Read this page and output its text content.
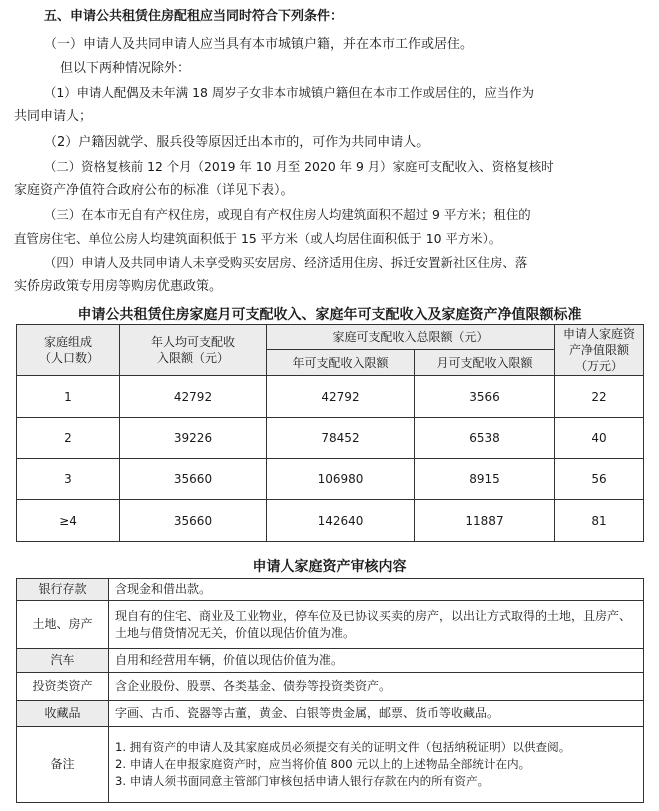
五、申请公共租赁住房配租应当同时符合下列条件：
（一）申请人及共同申请人应当具有本市城镇户籍，并在本市工作或居住。
但以下两种情况除外：
（1）申请人配偶及未年满 18 周岁子女非本市城镇户籍但在本市工作或居住的，应当作为
共同申请人；
（2）户籍因就学、服兵役等原因迁出本市的，可作为共同申请人。
（二）资格复核前 12 个月（2019 年 10 月至 2020 年 9 月）家庭可支配收入、资格复核时
家庭资产净值符合政府公布的标准（详见下表）。
（三）在本市无自有产权住房，或现自有产权住房人均建筑面积不超过 9 平方米；租住的
直管房住宅、单位公房人均建筑面积低于 15 平方米（或人均居住面积低于 10 平方米）。
（四）申请人及共同申请人未享受购买安居房、经济适用住房、拆迁安置新社区住房、落
实侨房政策专用房等购房优惠政策。
申请公共租赁住房家庭月可支配收入、家庭年可支配收入及家庭资产净值限额标准
家庭组成（人口数）	年人均可支配收入限额（元）	家庭可支配收入总限额（元）		申请人家庭资产净值限额（万元）
		年可支配收入限额	月可支配收入限额	
1	42792	42792	3566	22
2	39226	78452	6538	40
3	35660	106980	8915	56
≥4	35660	142640	11887	81
申请人家庭资产审核内容
银行存款	含现金和借出款。
土地、房产	现自有的住宅、商业及工业物业，停车位及已协议买卖的房产，以出让方式取得的土地，且房产、土地与借贷情况无关，价值以现估价值为准。
汽车	自用和经营用车辆，价值以现估价值为准。
投资类资产	含企业股份、股票、各类基金、债券等投资类资产。
收藏品	字画、古币、瓷器等古董，黄金、白银等贵金属，邮票、货币等收藏品。
备注	1. 拥有资产的申请人及其家庭成员必须提交有关的证明文件（包括纳税证明）以供查阅。
2. 申请人在申报家庭资产时，应当将价值 800 元以上的上述物品全部统计在内。
3. 申请人须书面同意主管部门审核包括申请人银行存款在内的所有资产。
